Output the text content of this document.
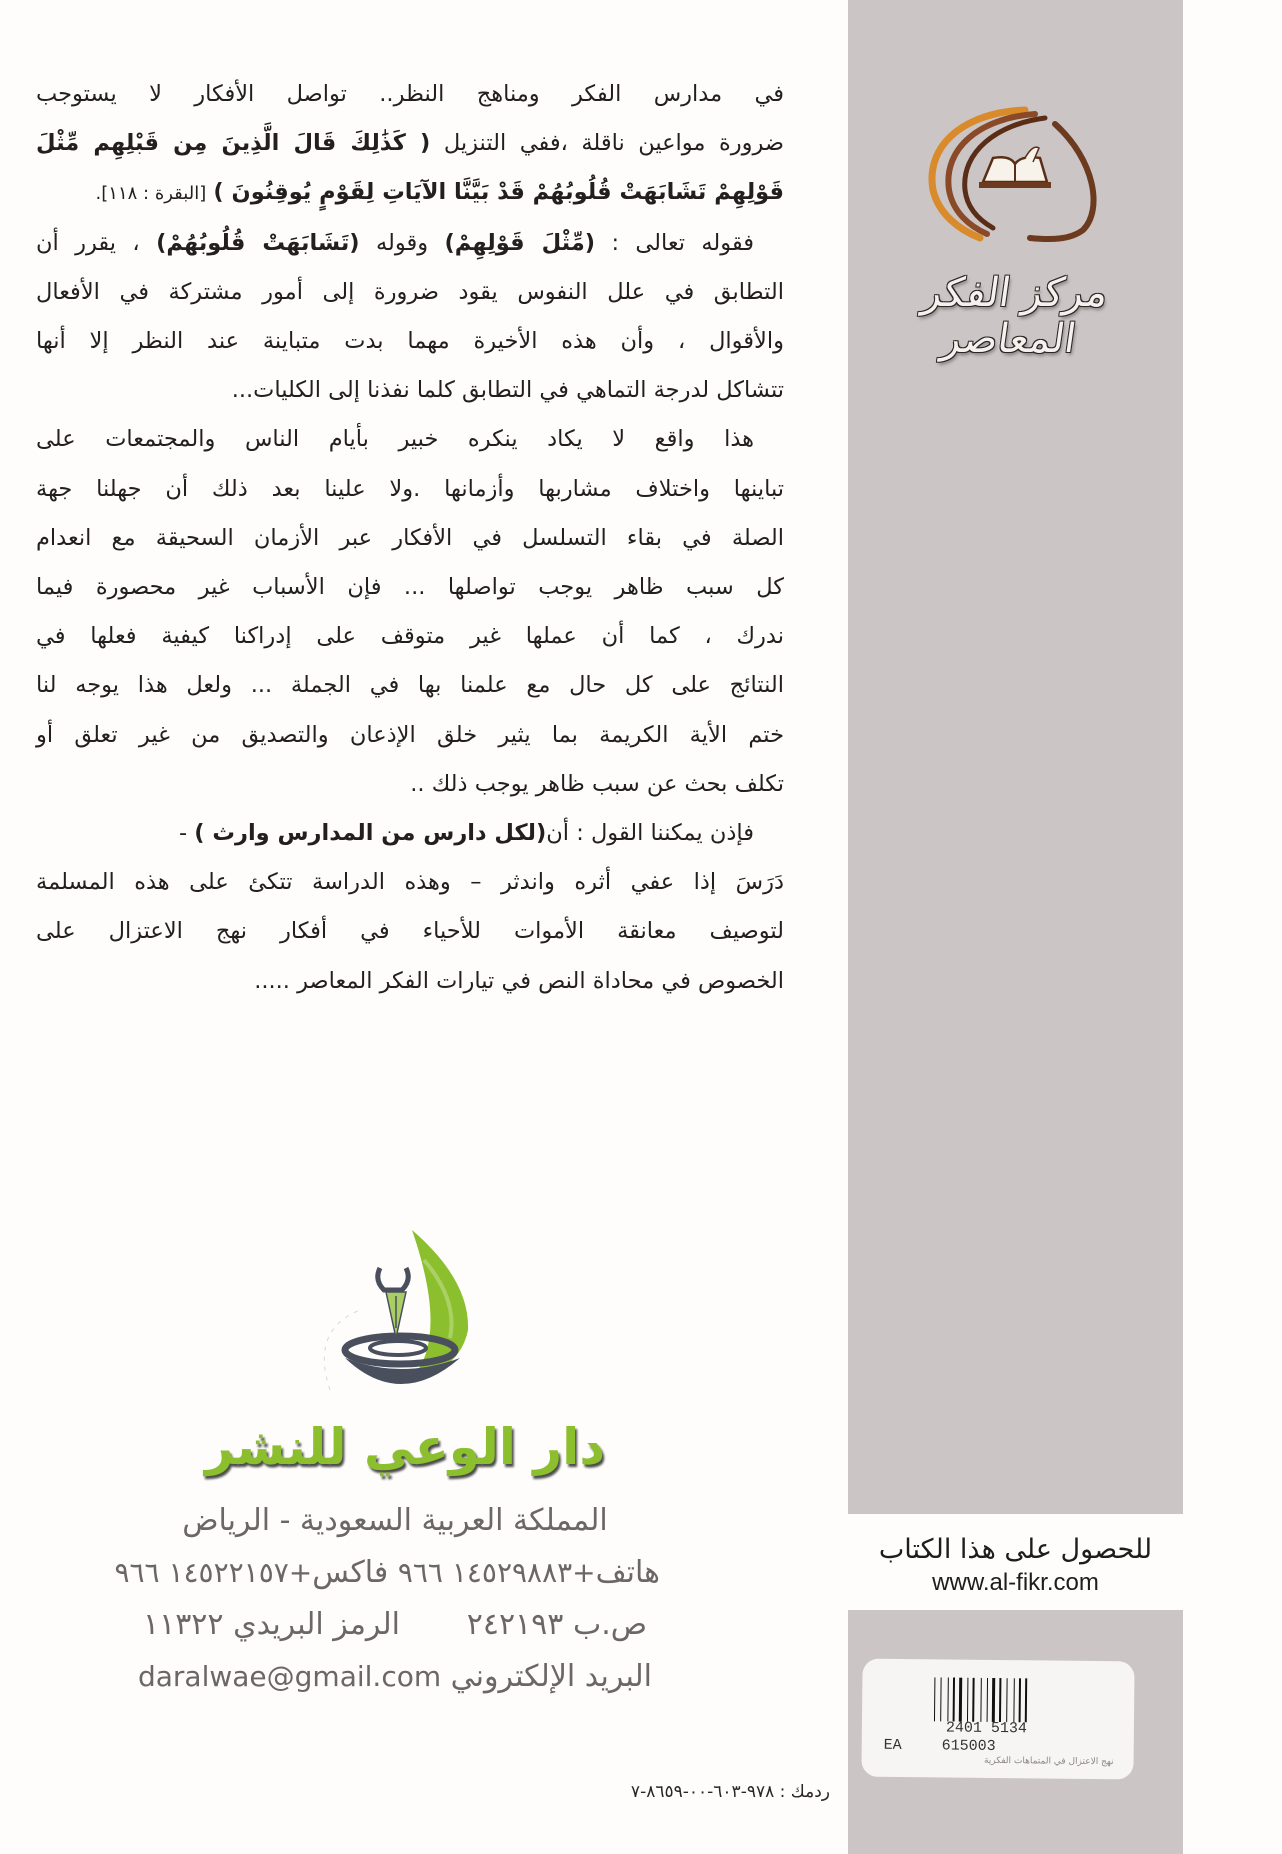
في مدارس الفكر ومناهج النظر.. تواصل الأفكار لا يستوجب
ضرورة مواعين ناقلة ،ففي التنزيل ( كَذَٰلِكَ قَالَ الَّذِينَ مِن قَبْلِهِم مِّثْلَ
قَوْلِهِمْ تَشَابَهَتْ قُلُوبُهُمْ قَدْ بَيَّنَّا الآيَاتِ لِقَوْمٍ يُوقِنُونَ ) [البقرة : ١١٨].
فقوله تعالى : (مِّثْلَ قَوْلِهِمْ) وقوله (تَشَابَهَتْ قُلُوبُهُمْ) ، يقرر أن
التطابق في علل النفوس يقود ضرورة إلى أمور مشتركة في الأفعال
والأقوال ، وأن هذه الأخيرة مهما بدت متباينة عند النظر إلا أنها
تتشاكل لدرجة التماهي في التطابق كلما نفذنا إلى الكليات...
هذا واقع لا يكاد ينكره خبير بأيام الناس والمجتمعات على
تباينها واختلاف مشاربها وأزمانها .ولا علينا بعد ذلك أن جهلنا جهة
الصلة في بقاء التسلسل في الأفكار عبر الأزمان السحيقة مع انعدام
كل سبب ظاهر يوجب تواصلها ... فإن الأسباب غير محصورة فيما
ندرك ، كما أن عملها غير متوقف على إدراكنا كيفية فعلها في
النتائج على كل حال مع علمنا بها في الجملة ... ولعل هذا يوجه لنا
ختم الأية الكريمة بما يثير خلق الإذعان والتصديق من غير تعلق أو
تكلف بحث عن سبب ظاهر يوجب ذلك ..
فإذن يمكننا القول : أن(لكل دارس من المدارس وارث ) -
دَرَسَ إذا عفي أثره واندثر – وهذه الدراسة تتكئ على هذه المسلمة
لتوصيف معانقة الأموات للأحياء في أفكار نهج الاعتزال على
الخصوص في محاداة النص في تيارات الفكر المعاصر .....
مركز الفكر المعاصر
للحصول على هذا الكتاب
www.al-fikr.com
2401 5134
EA	615003
نهج الاعتزال في المتماهات الفكرية
دار الوعي للنشر
المملكة العربية السعودية - الرياض
هاتف١٤٥٢٩٨٨٣ ٩٦٦+ فاكس١٤٥٢٢١٥٧ ٩٦٦+
ص.ب ٢٤٢١٩٣       الرمز البريدي ١١٣٢٢
البريد الإلكتروني daralwae@gmail.com
ردمك : ٩٧٨-٦٠٣-٠٠-٨٦٥٩-٧
